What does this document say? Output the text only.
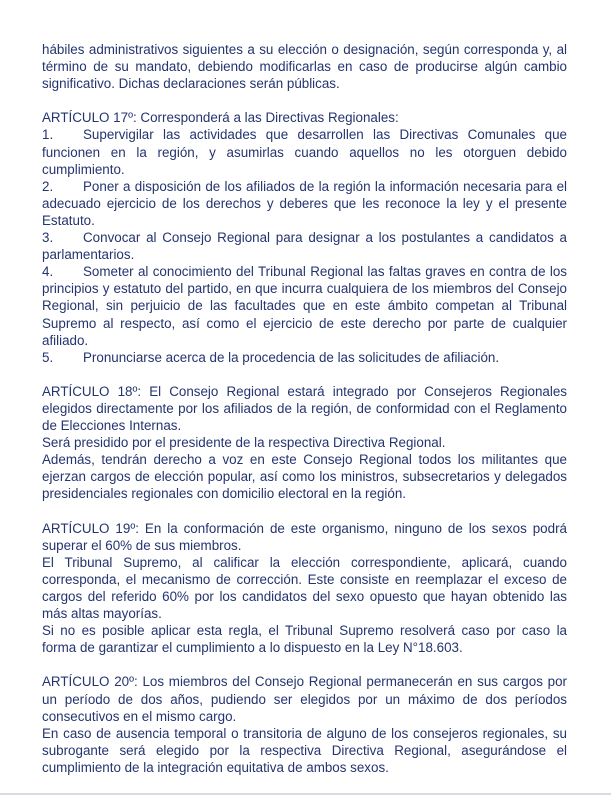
hábiles administrativos siguientes a su elección o designación, según corresponda y, al término de su mandato, debiendo modificarlas en caso de producirse algún cambio significativo. Dichas declaraciones serán públicas.

ARTÍCULO 17º: Corresponderá a las Directivas Regionales:

1.	Supervigilar las actividades que desarrollen las Directivas Comunales que funcionen en la región, y asumirlas cuando aquellos no les otorguen debido cumplimiento.
2.	Poner a disposición de los afiliados de la región la información necesaria para el adecuado ejercicio de los derechos y deberes que les reconoce la ley y el presente Estatuto.
3.	Convocar al Consejo Regional para designar a los postulantes a candidatos a parlamentarios.
4.	Someter al conocimiento del Tribunal Regional las faltas graves en contra de los principios y estatuto del partido, en que incurra cualquiera de los miembros del Consejo Regional, sin perjuicio de las facultades que en este ámbito competan al Tribunal Supremo al respecto, así como el ejercicio de este derecho por parte de cualquier afiliado.
5.	Pronunciarse acerca de la procedencia de las solicitudes de afiliación.

ARTÍCULO 18º: El Consejo Regional estará integrado por Consejeros Regionales elegidos directamente por los afiliados de la región, de conformidad con el Reglamento de Elecciones Internas.

Será presidido por el presidente de la respectiva Directiva Regional.

Además, tendrán derecho a voz en este Consejo Regional todos los militantes que ejerzan cargos de elección popular, así como los ministros, subsecretarios y delegados presidenciales regionales con domicilio electoral en la región.

ARTÍCULO 19º: En la conformación de este organismo, ninguno de los sexos podrá superar el 60% de sus miembros.

El Tribunal Supremo, al calificar la elección correspondiente, aplicará, cuando corresponda, el mecanismo de corrección. Este consiste en reemplazar el exceso de cargos del referido 60% por los candidatos del sexo opuesto que hayan obtenido las más altas mayorías.

Si no es posible aplicar esta regla, el Tribunal Supremo resolverá caso por caso la forma de garantizar el cumplimiento a lo dispuesto en la Ley N°18.603.

ARTÍCULO 20º: Los miembros del Consejo Regional permanecerán en sus cargos por un período de dos años, pudiendo ser elegidos por un máximo de dos períodos consecutivos en el mismo cargo.

En caso de ausencia temporal o transitoria de alguno de los consejeros regionales, su subrogante será elegido por la respectiva Directiva Regional, asegurándose el cumplimiento de la integración equitativa de ambos sexos.
